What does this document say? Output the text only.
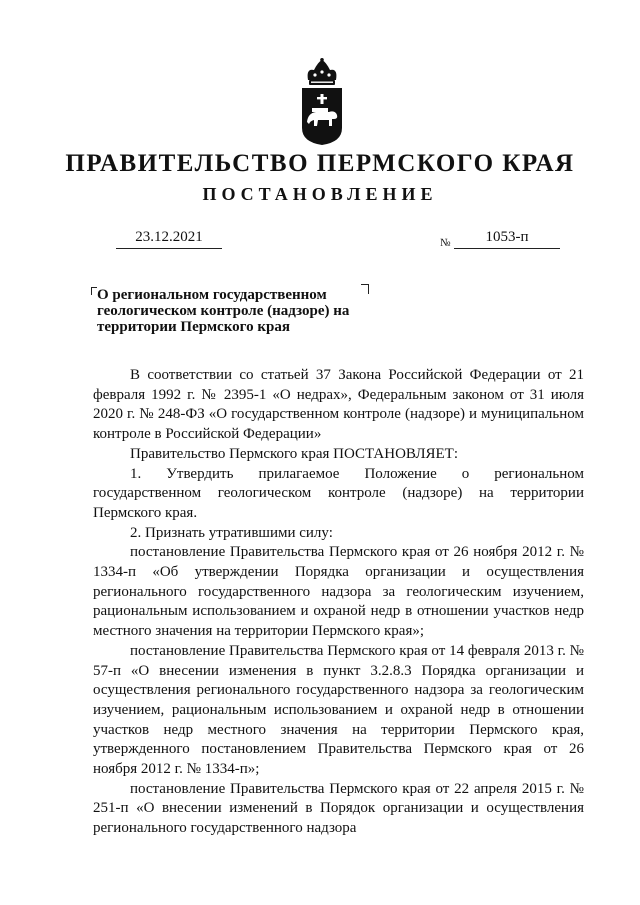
ПРАВИТЕЛЬСТВО ПЕРМСКОГО КРАЯ
ПОСТАНОВЛЕНИЕ
23.12.2021	№	1053-п
О региональном государственном геологическом контроле (надзоре) на территории Пермского края

В соответствии со статьей 37 Закона Российской Федерации от 21 февраля 1992 г. № 2395-1 «О недрах», Федеральным законом от 31 июля 2020 г. № 248-ФЗ «О государственном контроле (надзоре) и муниципальном контроле в Российской Федерации»

Правительство Пермского края ПОСТАНОВЛЯЕТ:

1. Утвердить прилагаемое Положение о региональном государственном геологическом контроле (надзоре) на территории Пермского края.

2. Признать утратившими силу:

постановление Правительства Пермского края от 26 ноября 2012 г. № 1334-п «Об утверждении Порядка организации и осуществления регионального государственного надзора за геологическим изучением, рациональным использованием и охраной недр в отношении участков недр местного значения на территории Пермского края»;

постановление Правительства Пермского края от 14 февраля 2013 г. № 57-п «О внесении изменения в пункт 3.2.8.3 Порядка организации и осуществления регионального государственного надзора за геологическим изучением, рациональным использованием и охраной недр в отношении участков недр местного значения на территории Пермского края, утвержденного постановлением Правительства Пермского края от 26 ноября 2012 г. № 1334-п»;

постановление Правительства Пермского края от 22 апреля 2015 г. № 251-п «О внесении изменений в Порядок организации и осуществления регионального государственного надзора
